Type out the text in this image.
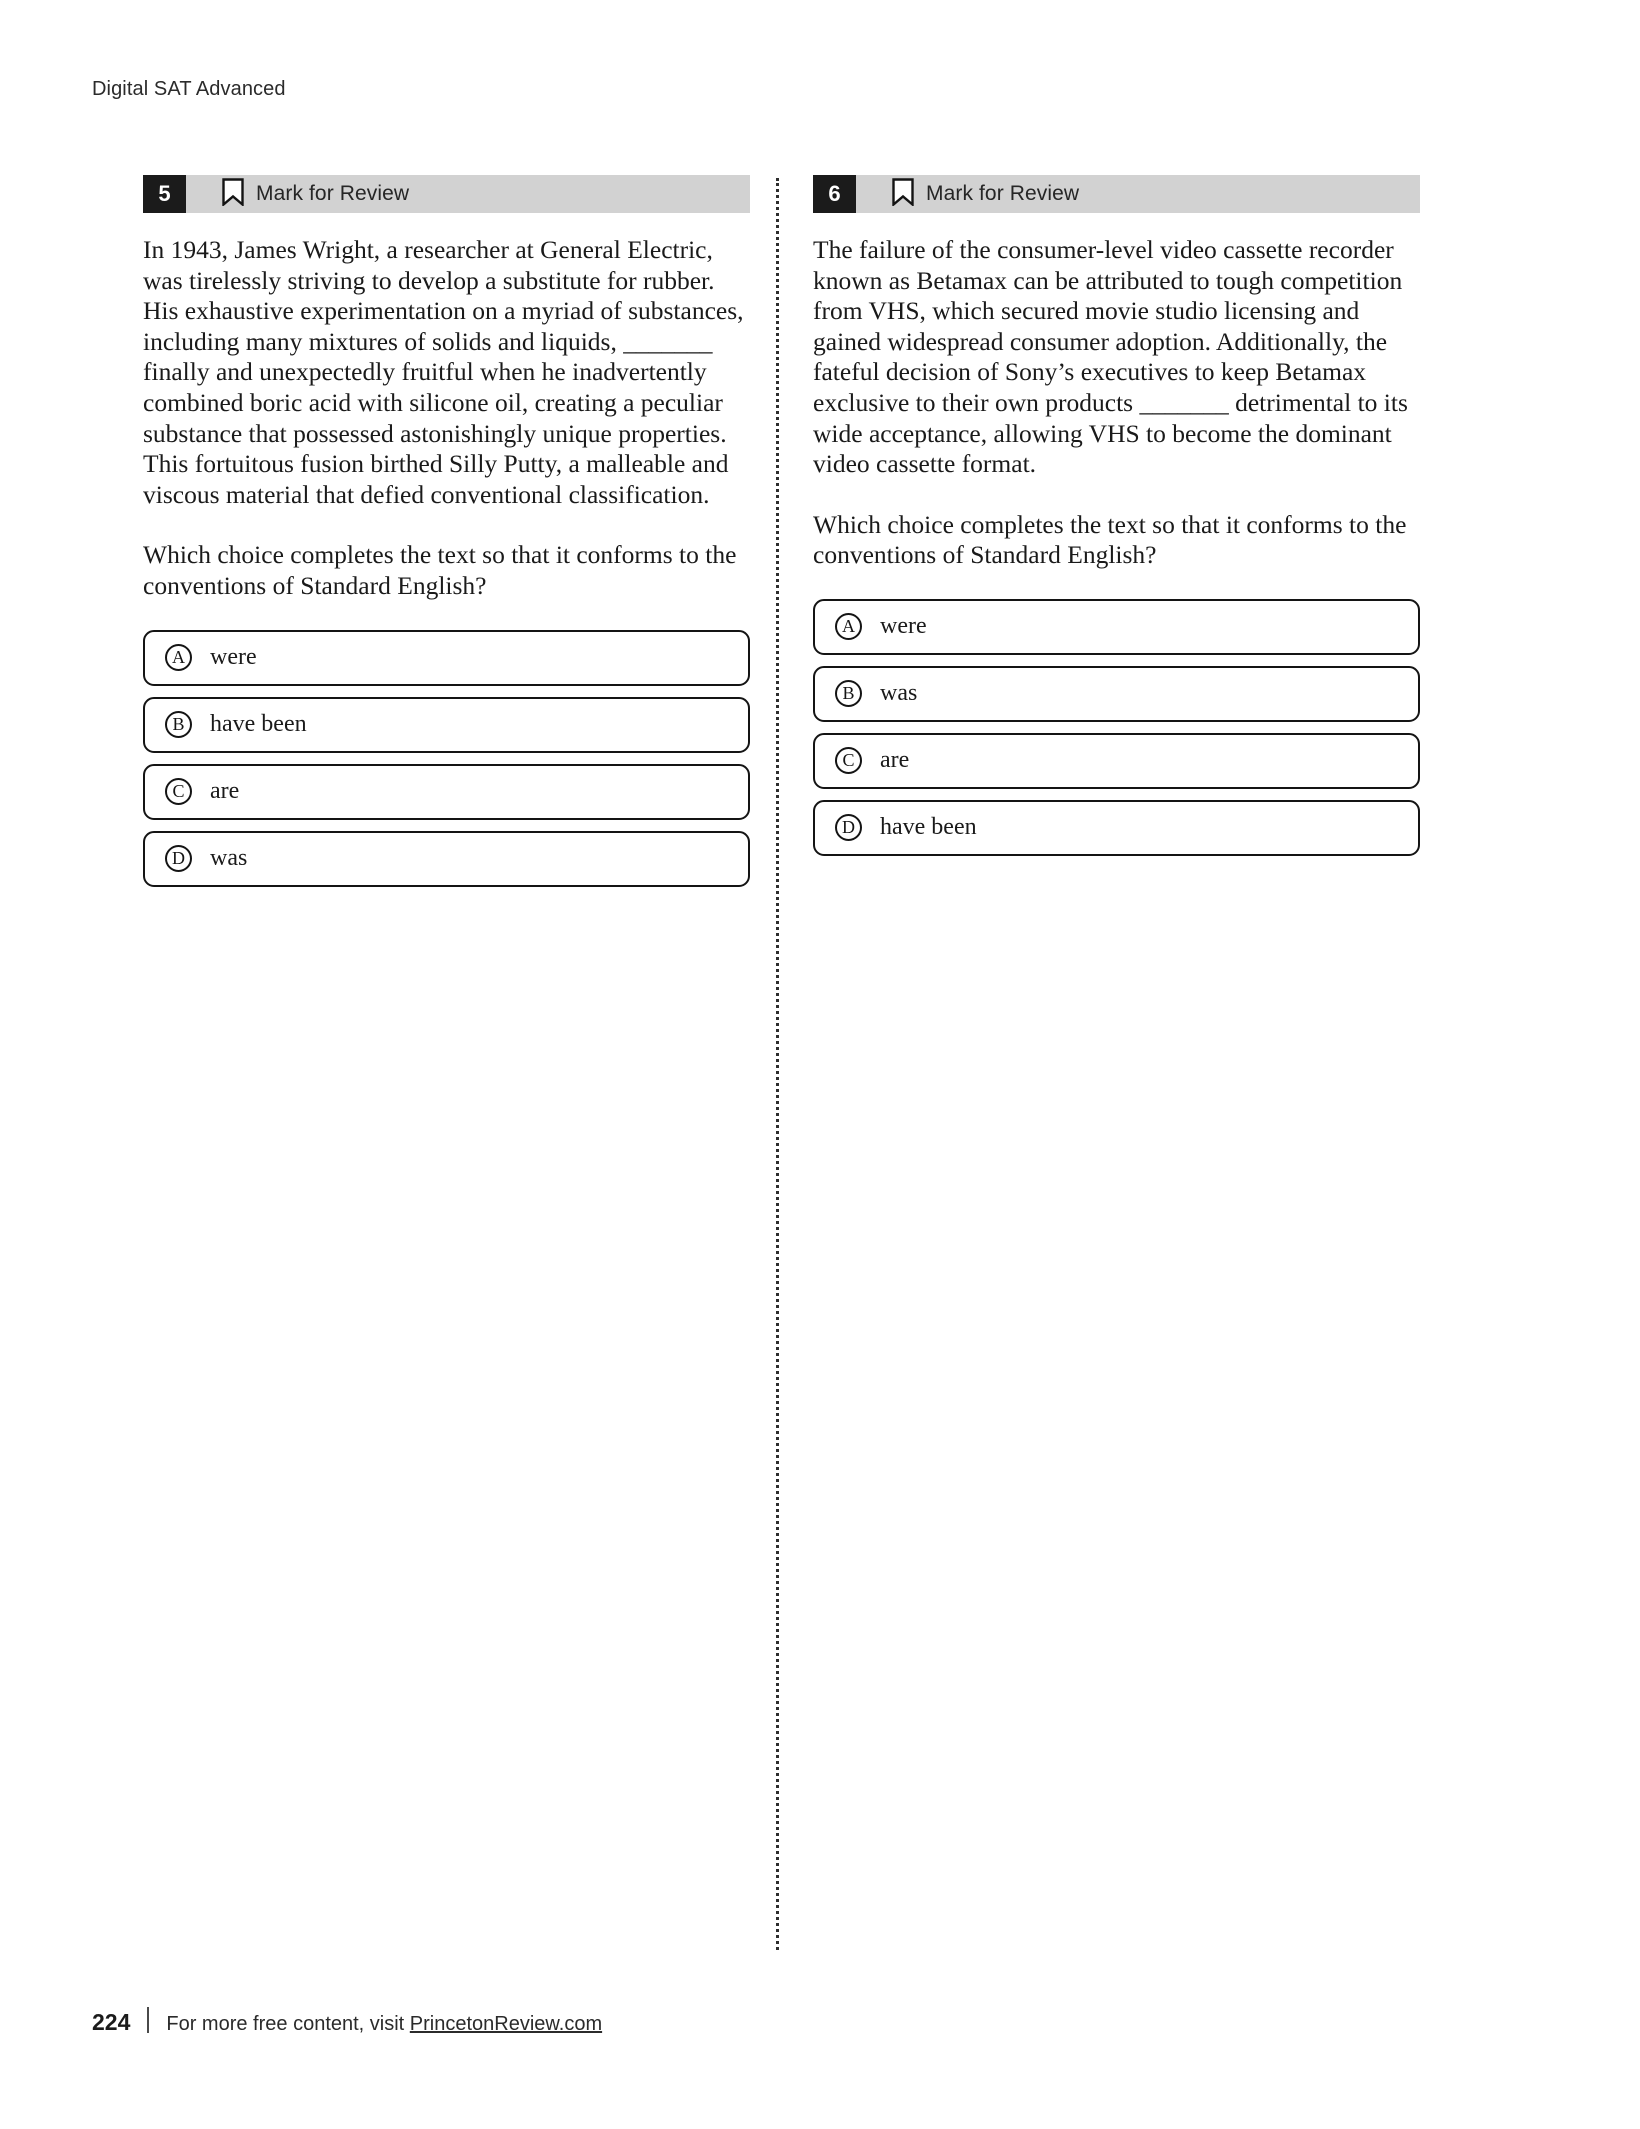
Digital SAT Advanced
5	Mark for Review

In 1943, James Wright, a researcher at General Electric, was tirelessly striving to develop a substitute for rubber. His exhaustive experimentation on a myriad of substances, including many mixtures of solids and liquids, _______ finally and unexpectedly fruitful when he inadvertently combined boric acid with silicone oil, creating a peculiar substance that possessed astonishingly unique properties. This fortuitous fusion birthed Silly Putty, a malleable and viscous material that defied conventional classification.

Which choice completes the text so that it conforms to the conventions of Standard English?
A were
B	have been
C	are
D was
6	Mark for Review

The failure of the consumer-level video cassette recorder known as Betamax can be attributed to tough competition from VHS, which secured movie studio licensing and gained widespread consumer adoption. Additionally, the fateful decision of Sony’s executives to keep Betamax exclusive to their own products _______ detrimental to its wide acceptance, allowing VHS to become the dominant video cassette format.

Which choice completes the text so that it conforms to the conventions of Standard English?
A were
B	was
C	are
D have been
224 For more free content, visit PrincetonReview.com
